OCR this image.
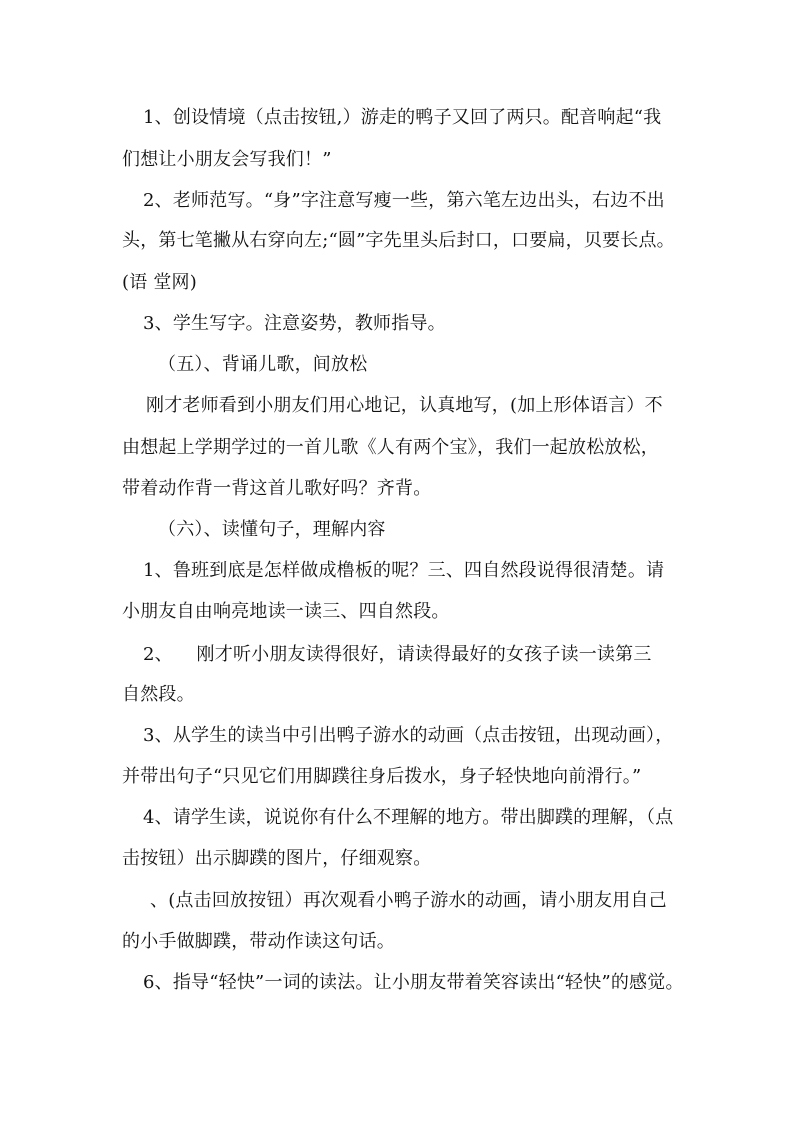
1、创设情境（点击按钮,）游走的鸭子又回了两只。配音响起“我
们想让小朋友会写我们！”
2、老师范写。“身”字注意写瘦一些，第六笔左边出头，右边不出
头，第七笔撇从右穿向左;“圆”字先里头后封口，口要扁，贝要长点。
(语 堂网)
3、学生写字。注意姿势，教师指导。
（五）、背诵儿歌，间放松
刚才老师看到小朋友们用心地记，认真地写，(加上形体语言）不
由想起上学期学过的一首儿歌《人有两个宝》，我们一起放松放松，
带着动作背一背这首儿歌好吗？齐背。
（六）、读懂句子，理解内容
1、鲁班到底是怎样做成橹板的呢？三、四自然段说得很清楚。请
小朋友自由响亮地读一读三、四自然段。
2、    刚才听小朋友读得很好，请读得最好的女孩子读一读第三
自然段。
3、从学生的读当中引出鸭子游水的动画（点击按钮，出现动画），
并带出句子“只见它们用脚蹼往身后拨水，身子轻快地向前滑行。”
4、请学生读，说说你有什么不理解的地方。带出脚蹼的理解，（点
击按钮）出示脚蹼的图片，仔细观察。
、(点击回放按钮）再次观看小鸭子游水的动画，请小朋友用自己
的小手做脚蹼，带动作读这句话。
6、指导“轻快”一词的读法。让小朋友带着笑容读出“轻快”的感觉。
